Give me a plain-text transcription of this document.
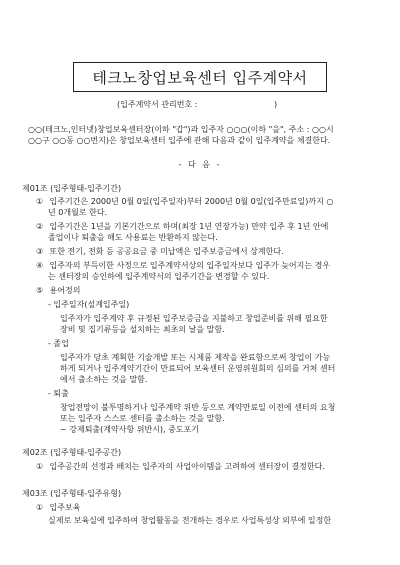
테크노창업보육센터 입주계약서
(입주계약서 관리번호 :	)
○○(테크노,인터넷)창업보육센터장(이하 "갑")과 입주자 ○○○(이하 "을", 주소 : ○○시
○○구 ○○동 ○○번지)은 창업보육센터 입주에 관해 다음과 같이 입주계약을 체결한다.
- 다 음 -
제01조 (입주형태-입주기간)
① 입주기간은 2000년 0월 0일(입주일자)부터 2000년 0월 0일(입주만료일)까지 ○
년 0개월로 한다.
② 입주기간은 1년을 기본기간으로 하며(최장 1년 연장가능) 만약 입주 후 1년 안에
졸업이나 퇴출을 해도 사용료는 반환하지 않는다.
③ 또한 전기, 전화 등 공공요금 중 미납액은 입주보증금에서 상계한다.
④ 입주자의 부득이한 사정으로 입주계약서상의 입주일자보다 입주가 늦어지는 경우
는 센터장의 승인하에 입주계약서의 입주기간을 변경할 수 있다.
⑤ 용어정의
- 입주일자(설계입주일)
입주자가 입주계약 후 규정된 입주보증금을 지불하고 창업준비를 위해 필요한
장비 및 집기류등을 설치하는 최초의 날을 말함.
- 졸업
입주자가 당초 계획한 기술개발 또는 시제품 제작을 완료함으로써 창업이 가능
하게 되거나 입주계약기간이 만료되어 보육센터 운영위원회의 심의를 거쳐 센터
에서 출소하는 것을 말함.
- 퇴출
창업전망이 불투명하거나 입주계약 위반 등으로 계약만료일 이전에 센터의 요청
또는 입주자 스스로 센터를 출소하는 것을 말함.
~ 강제퇴출(계약사항 위반시), 중도포기
제02조 (입주형태-입주공간)
① 입주공간의 선정과 배치는 입주자의 사업아이템을 고려하여 센터장이 결정한다.
제03조 (입주형태-입주유형)
① 입주보육
실제로 보육실에 입주하여 창업활동을 전개하는 경우로 사업특성상 외부에 일정한
